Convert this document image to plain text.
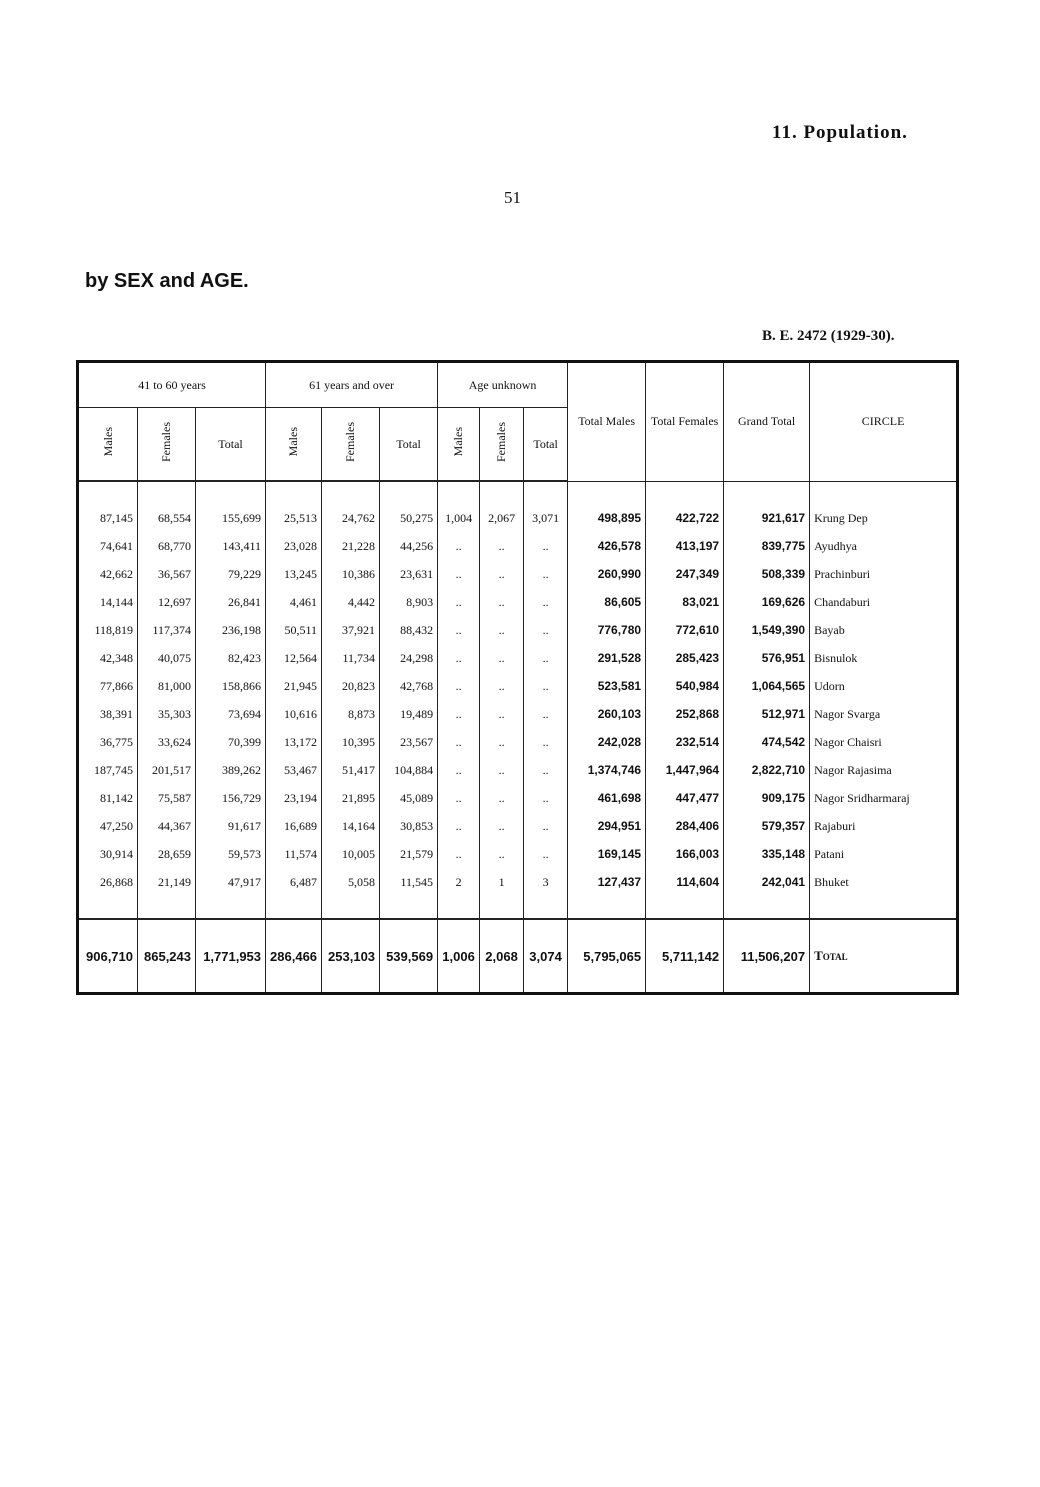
11. Population.
51
by SEX and AGE.
B. E. 2472 (1929-30).
41 to 60 years			61 years and over			Age unknown			Total Males	Total Females	Grand Total	CIRCLE
Males	Females	Total	Males	Females	Total	Males	Females	Total				

87,145	68,554	155,699	25,513	24,762	50,275	1,004	2,067	3,071	498,895	422,722	921,617	Krung Dep
74,641	68,770	143,411	23,028	21,228	44,256	..	..	..	426,578	413,197	839,775	Ayudhya
42,662	36,567	79,229	13,245	10,386	23,631	..	..	..	260,990	247,349	508,339	Prachinburi
14,144	12,697	26,841	4,461	4,442	8,903	..	..	..	86,605	83,021	169,626	Chandaburi
118,819	117,374	236,198	50,511	37,921	88,432	..	..	..	776,780	772,610	1,549,390	Bayab
42,348	40,075	82,423	12,564	11,734	24,298	..	..	..	291,528	285,423	576,951	Bisnulok
77,866	81,000	158,866	21,945	20,823	42,768	..	..	..	523,581	540,984	1,064,565	Udorn
38,391	35,303	73,694	10,616	8,873	19,489	..	..	..	260,103	252,868	512,971	Nagor Svarga
36,775	33,624	70,399	13,172	10,395	23,567	..	..	..	242,028	232,514	474,542	Nagor Chaisri
187,745	201,517	389,262	53,467	51,417	104,884	..	..	..	1,374,746	1,447,964	2,822,710	Nagor Rajasima
81,142	75,587	156,729	23,194	21,895	45,089	..	..	..	461,698	447,477	909,175	Nagor Sridharmaraj
47,250	44,367	91,617	16,689	14,164	30,853	..	..	..	294,951	284,406	579,357	Rajaburi
30,914	28,659	59,573	11,574	10,005	21,579	..	..	..	169,145	166,003	335,148	Patani
26,868	21,149	47,917	6,487	5,058	11,545	2	1	3	127,437	114,604	242,041	Bhuket

906,710	865,243	1,771,953	286,466	253,103	539,569	1,006	2,068	3,074	5,795,065	5,711,142	11,506,207	Total
